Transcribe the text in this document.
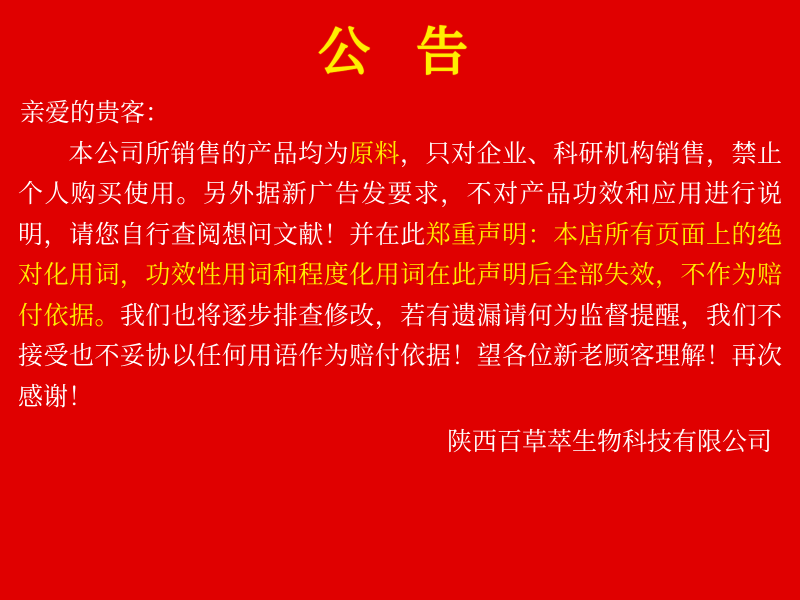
公 告
亲爱的贵客：

本公司所销售的产品均为原料，只对企业、科研机构销售，禁止个人购买使用。另外据新广告发要求，不对产品功效和应用进行说明，请您自行查阅想问文献！并在此郑重声明：本店所有页面上的绝对化用词，功效性用词和程度化用词在此声明后全部失效，不作为赔付依据。我们也将逐步排查修改，若有遗漏请何为监督提醒，我们不接受也不妥协以任何用语作为赔付依据！望各位新老顾客理解！再次感谢！

陕西百草萃生物科技有限公司
